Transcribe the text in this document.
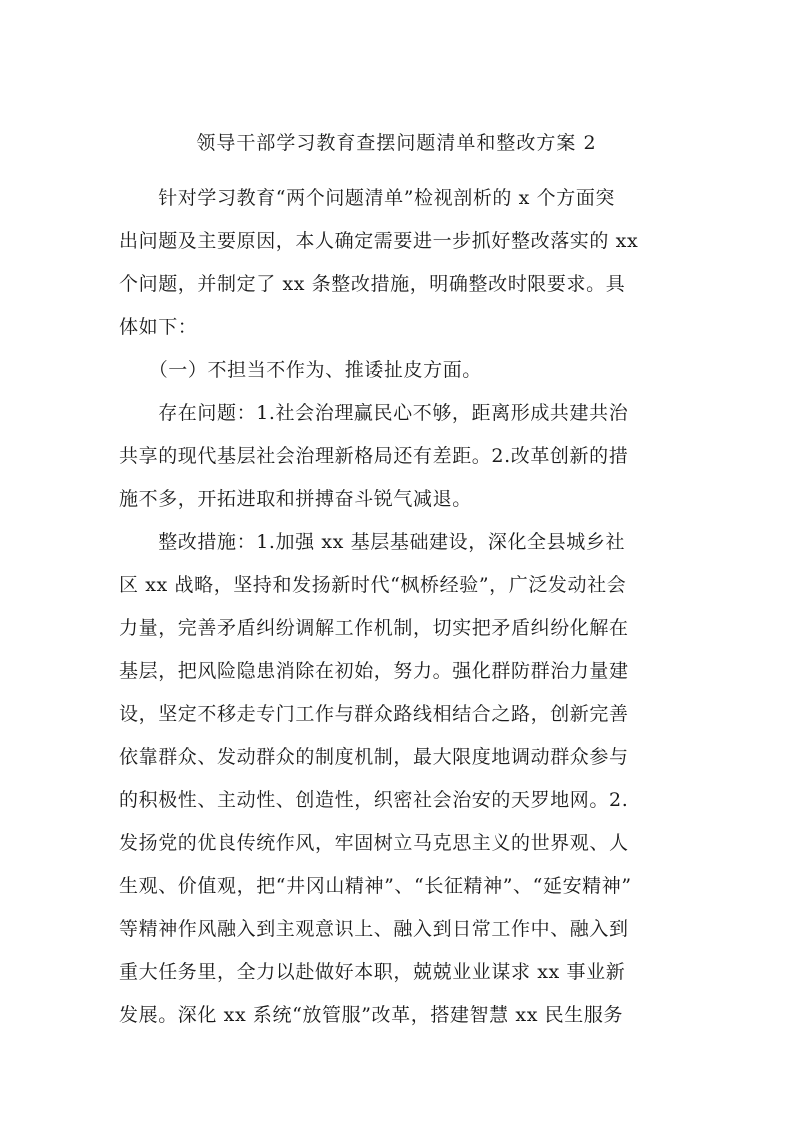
领导干部学习教育查摆问题清单和整改方案 2
　　针对学习教育“两个问题清单”检视剖析的 x 个方面突
出问题及主要原因，本人确定需要进一步抓好整改落实的 xx
个问题，并制定了 xx 条整改措施，明确整改时限要求。具
体如下：
　　（一）不担当不作为、推诿扯皮方面。
　　存在问题：1.社会治理赢民心不够，距离形成共建共治
共享的现代基层社会治理新格局还有差距。2.改革创新的措
施不多，开拓进取和拼搏奋斗锐气减退。
　　整改措施：1.加强 xx 基层基础建设，深化全县城乡社
区 xx 战略，坚持和发扬新时代“枫桥经验”，广泛发动社会
力量，完善矛盾纠纷调解工作机制，切实把矛盾纠纷化解在
基层，把风险隐患消除在初始，努力。强化群防群治力量建
设，坚定不移走专门工作与群众路线相结合之路，创新完善
依靠群众、发动群众的制度机制，最大限度地调动群众参与
的积极性、主动性、创造性，织密社会治安的天罗地网。2.
发扬党的优良传统作风，牢固树立马克思主义的世界观、人
生观、价值观，把“井冈山精神”、“长征精神”、“延安精神”
等精神作风融入到主观意识上、融入到日常工作中、融入到
重大任务里，全力以赴做好本职，兢兢业业谋求 xx 事业新
发展。深化 xx 系统“放管服”改革，搭建智慧 xx 民生服务
